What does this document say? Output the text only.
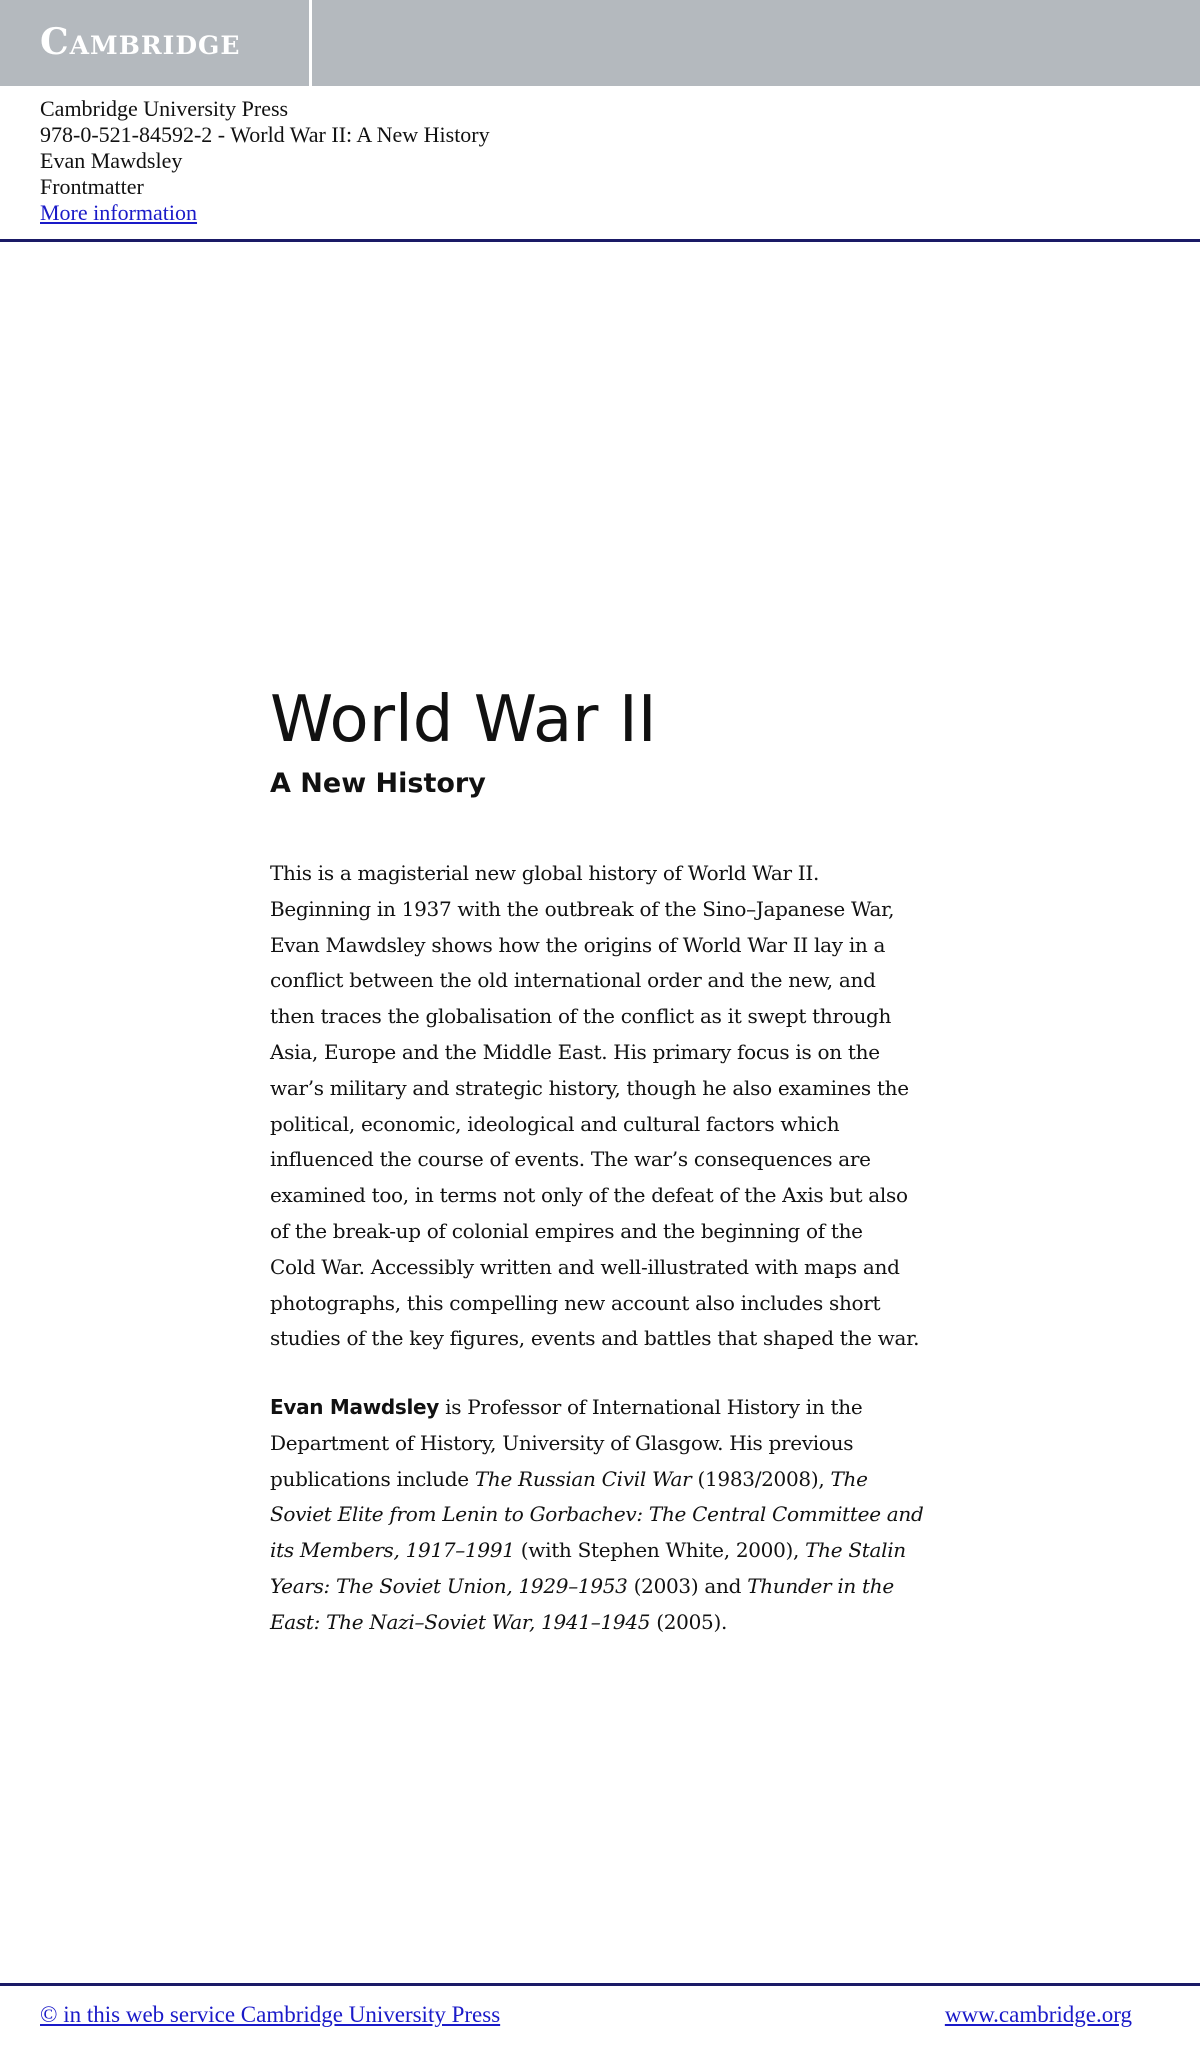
Cambridge
Cambridge University Press
978-0-521-84592-2 - World War II: A New History
Evan Mawdsley
Frontmatter
More information
World War II
A New History
This is a magisterial new global history of World War II.
Beginning in 1937 with the outbreak of the Sino–Japanese War,
Evan Mawdsley shows how the origins of World War II lay in a
conflict between the old international order and the new, and
then traces the globalisation of the conflict as it swept through
Asia, Europe and the Middle East. His primary focus is on the
war’s military and strategic history, though he also examines the
political, economic, ideological and cultural factors which
influenced the course of events. The war’s consequences are
examined too, in terms not only of the defeat of the Axis but also
of the break-up of colonial empires and the beginning of the
Cold War. Accessibly written and well-illustrated with maps and
photographs, this compelling new account also includes short
studies of the key figures, events and battles that shaped the war.
Evan Mawdsley is Professor of International History in the
Department of History, University of Glasgow. His previous
publications include The Russian Civil War (1983/2008), The
Soviet Elite from Lenin to Gorbachev: The Central Committee and
its Members, 1917–1991 (with Stephen White, 2000), The Stalin
Years: The Soviet Union, 1929–1953 (2003) and Thunder in the
East: The Nazi–Soviet War, 1941–1945 (2005).
© in this web service Cambridge University Press	www.cambridge.org
